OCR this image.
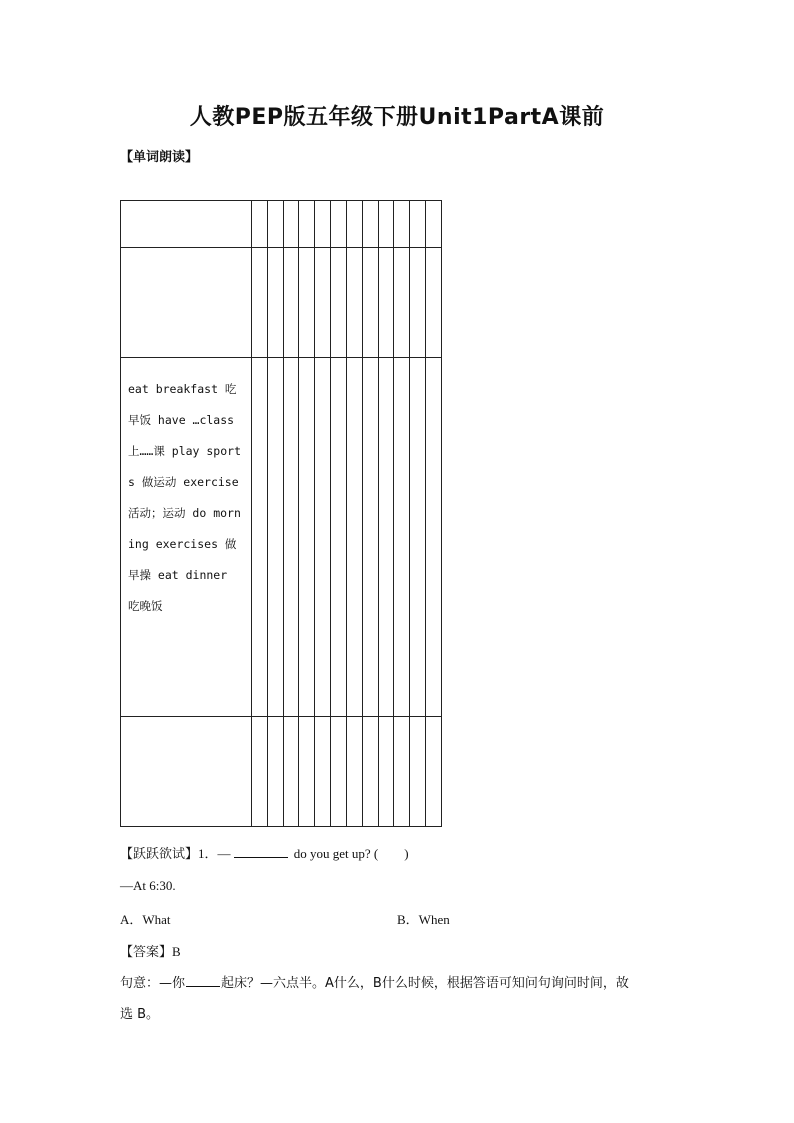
人教PEP版五年级下册Unit1PartA课前
【单词朗读】

eat breakfast 吃早饭 have …class 上……课 play sports 做运动 exercise 活动；运动 do morning exercises 做早操 eat dinner 吃晚饭												

【跃跃欲试】1．—	do you get up? (　　)
—At 6:30.
A．What	B．When
【答案】B
句意：—你	起床？—六点半。A什么，B什么时候，根据答语可知问句询问时间，故
选 B。
